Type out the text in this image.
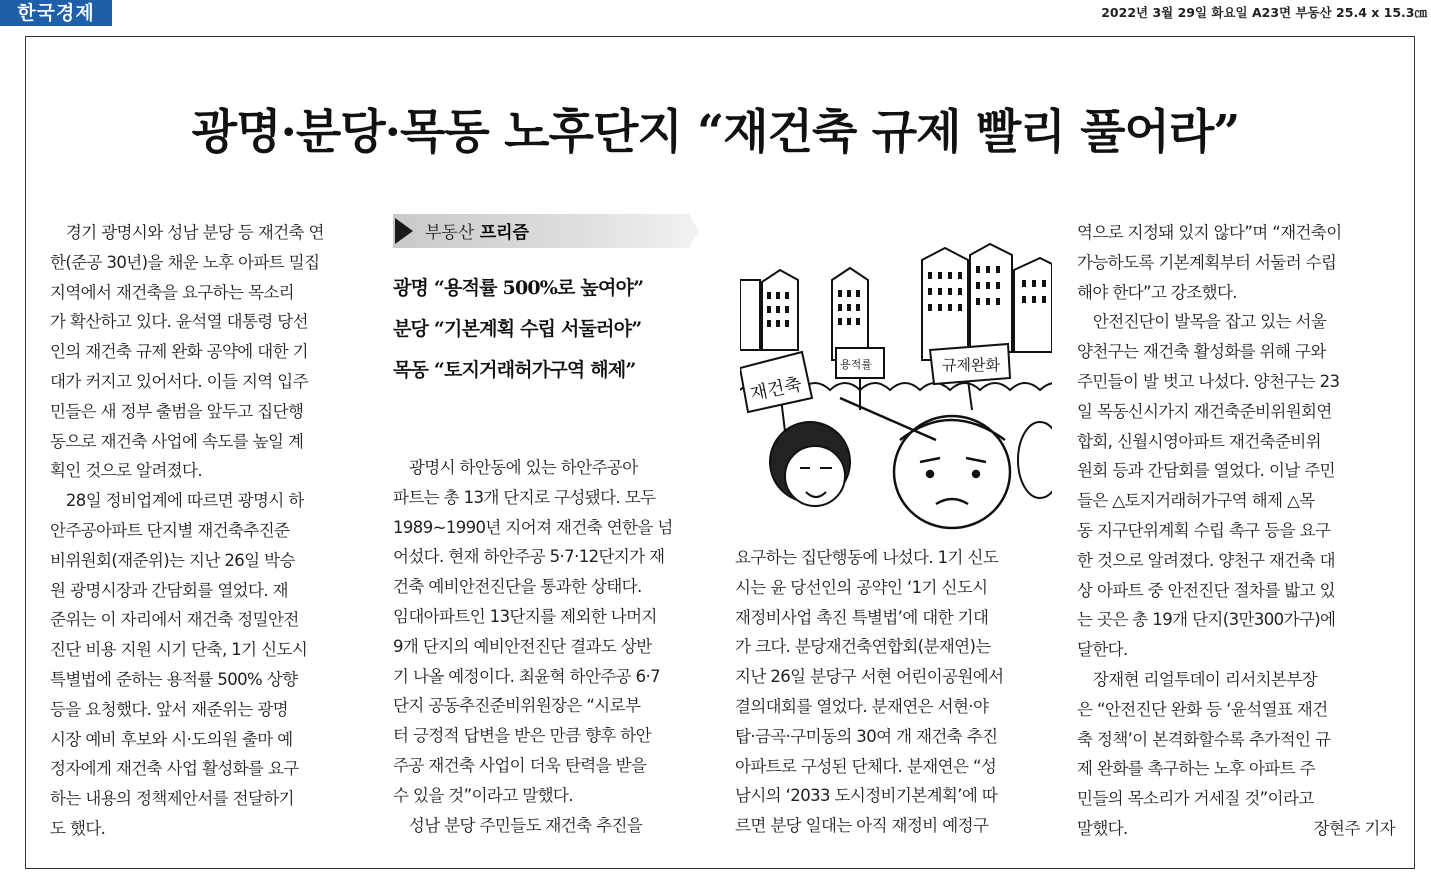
한국경제	2022년 3월 29일 화요일 A23면 부동산 25.4 x 15.3㎝
광명·분당·목동 노후단지 “재건축 규제 빨리 풀어라”

　경기 광명시와 성남 분당 등 재건축 연

한(준공 30년)을 채운 노후 아파트 밀집

지역에서 재건축을 요구하는 목소리

가 확산하고 있다. 윤석열 대통령 당선

인의 재건축 규제 완화 공약에 대한 기

대가 커지고 있어서다. 이들 지역 입주

민들은 새 정부 출범을 앞두고 집단행

동으로 재건축 사업에 속도를 높일 계

획인 것으로 알려졌다.

　28일 정비업계에 따르면 광명시 하

안주공아파트 단지별 재건축추진준

비위원회(재준위)는 지난 26일 박승

원 광명시장과 간담회를 열었다. 재

준위는 이 자리에서 재건축 정밀안전

진단 비용 지원 시기 단축, 1기 신도시

특별법에 준하는 용적률 500% 상향

등을 요청했다. 앞서 재준위는 광명

시장 예비 후보와 시·도의원 출마 예

정자에게 재건축 사업 활성화를 요구

하는 내용의 정책제안서를 전달하기

도 했다.

부동산 프리즘
광명 “용적률 500%로 높여야”
분당 “기본계획 수립 서둘러야”
목동 “토지거래허가구역 해제”

　광명시 하안동에 있는 하안주공아

파트는 총 13개 단지로 구성됐다. 모두

1989~1990년 지어져 재건축 연한을 넘

어섰다. 현재 하안주공 5·7·12단지가 재

건축 예비안전진단을 통과한 상태다.

임대아파트인 13단지를 제외한 나머지

9개 단지의 예비안전진단 결과도 상반

기 나올 예정이다. 최윤혁 하안주공 6·7

단지 공동추진준비위원장은 “시로부

터 긍정적 답변을 받은 만큼 향후 하안

주공 재건축 사업이 더욱 탄력을 받을

수 있을 것”이라고 말했다.

　성남 분당 주민들도 재건축 추진을

재건축
용적률	규제완화

요구하는 집단행동에 나섰다. 1기 신도

시는 윤 당선인의 공약인 ‘1기 신도시

재정비사업 촉진 특별법’에 대한 기대

가 크다. 분당재건축연합회(분재연)는

지난 26일 분당구 서현 어린이공원에서

결의대회를 열었다. 분재연은 서현·야

탑·금곡·구미동의 30여 개 재건축 추진

아파트로 구성된 단체다. 분재연은 “성

남시의 ‘2033 도시정비기본계획’에 따

르면 분당 일대는 아직 재정비 예정구

역으로 지정돼 있지 않다”며 “재건축이

가능하도록 기본계획부터 서둘러 수립

해야 한다”고 강조했다.

　안전진단이 발목을 잡고 있는 서울

양천구는 재건축 활성화를 위해 구와

주민들이 발 벗고 나섰다. 양천구는 23

일 목동신시가지 재건축준비위원회연

합회, 신월시영아파트 재건축준비위

원회 등과 간담회를 열었다. 이날 주민

들은 △토지거래허가구역 해제 △목

동 지구단위계획 수립 촉구 등을 요구

한 것으로 알려졌다. 양천구 재건축 대

상 아파트 중 안전진단 절차를 밟고 있

는 곳은 총 19개 단지(3만300가구)에

달한다.

　장재현 리얼투데이 리서치본부장

은 “안전진단 완화 등 ‘윤석열표 재건

축 정책’이 본격화할수록 추가적인 규

제 완화를 촉구하는 노후 아파트 주

민들의 목소리가 거세질 것”이라고

말했다.	장현주 기자
